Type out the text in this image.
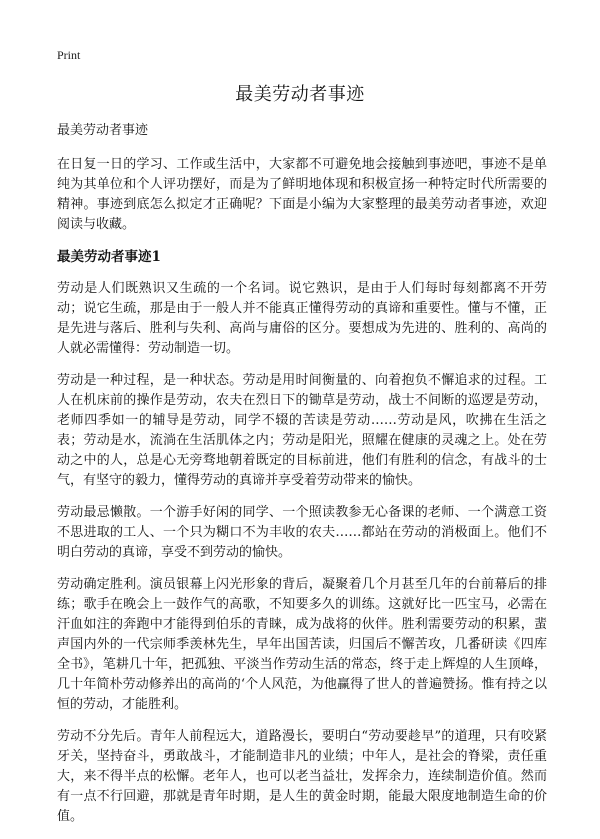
Print
最美劳动者事迹

最美劳动者事迹

在日复一日的学习、工作或生活中，大家都不可避免地会接触到事迹吧，事迹不是单纯为其单位和个人评功摆好，而是为了鲜明地体现和积极宣扬一种特定时代所需要的精神。事迹到底怎么拟定才正确呢？下面是小编为大家整理的最美劳动者事迹，欢迎阅读与收藏。

最美劳动者事迹1

劳动是人们既熟识又生疏的一个名词。说它熟识，是由于人们每时每刻都离不开劳动；说它生疏，那是由于一般人并不能真正懂得劳动的真谛和重要性。懂与不懂，正是先进与落后、胜利与失利、高尚与庸俗的区分。要想成为先进的、胜利的、高尚的人就必需懂得：劳动制造一切。

劳动是一种过程，是一种状态。劳动是用时间衡量的、向着抱负不懈追求的过程。工人在机床前的操作是劳动，农夫在烈日下的锄草是劳动，战士不间断的巡逻是劳动，老师四季如一的辅导是劳动，同学不辍的苦读是劳动……劳动是风，吹拂在生活之表；劳动是水，流淌在生活肌体之内；劳动是阳光，照耀在健康的灵魂之上。处在劳动之中的人，总是心无旁骛地朝着既定的目标前进，他们有胜利的信念，有战斗的士气，有坚守的毅力，懂得劳动的真谛并享受着劳动带来的愉快。

劳动最忌懒散。一个游手好闲的同学、一个照读教参无心备课的老师、一个满意工资不思进取的工人、一个只为糊口不为丰收的农夫……都站在劳动的消极面上。他们不明白劳动的真谛，享受不到劳动的愉快。

劳动确定胜利。演员银幕上闪光形象的背后，凝聚着几个月甚至几年的台前幕后的排练；歌手在晚会上一鼓作气的高歌，不知要多久的训练。这就好比一匹宝马，必需在汗血如注的奔跑中才能得到伯乐的青睐，成为战将的伙伴。胜利需要劳动的积累，蜚声国内外的一代宗师季羡林先生，早年出国苦读，归国后不懈苦攻，几番研读《四库全书》，笔耕几十年，把孤独、平淡当作劳动生活的常态，终于走上辉煌的人生顶峰，几十年简朴劳动修养出的高尚的‘个人风范，为他赢得了世人的普遍赞扬。惟有持之以恒的劳动，才能胜利。

劳动不分先后。青年人前程远大，道路漫长，要明白“劳动要趁早”的道理，只有咬紧牙关，坚持奋斗，勇敢战斗，才能制造非凡的业绩；中年人，是社会的脊梁，责任重大，来不得半点的松懈。老年人，也可以老当益壮，发挥余力，连续制造价值。然而有一点不行回避，那就是青年时期，是人生的黄金时期，能最大限度地制造生命的价值。
